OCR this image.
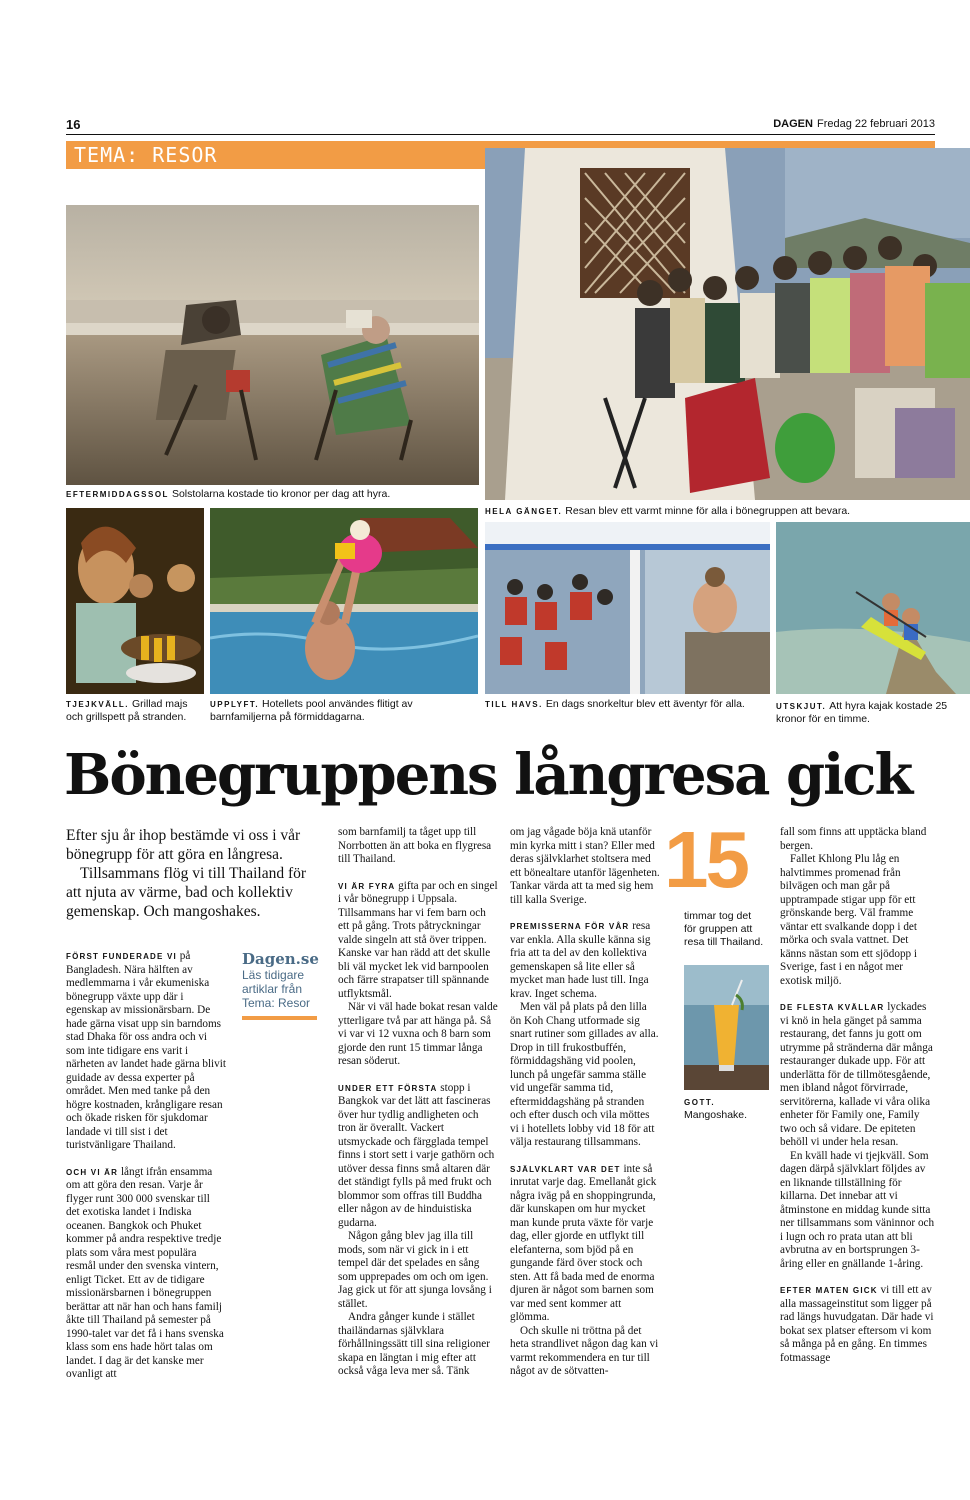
16	DAGEN Fredag 22 februari 2013
TEMA: RESOR
EFTERMIDDAGSSOL Solstolarna kostade tio kronor per dag att hyra.
HELA GÄNGET. Resan blev ett varmt minne för alla i bönegruppen att bevara.
TJEJKVÄLL. Grillad majs och grillspett på stranden.
UPPLYFT. Hotellets pool användes flitigt av barnfamiljerna på förmiddagarna.
TILL HAVS. En dags snorkeltur blev ett äventyr för alla.	UTSKJUT. Att hyra kajak kostade 25 kronor för en timme.
Bönegruppens långresa gick

Efter sju år ihop bestämde vi oss i vår bönegrupp för att göra en långresa.

Tillsammans flög vi till Thailand för att njuta av värme, bad och kollektiv gemenskap. Och mangoshakes.

FÖRST FUNDERADE VI på Bangladesh. Nära hälften av medlemmarna i vår ekumeniska bönegrupp växte upp där i egenskap av missionärsbarn. De hade gärna visat upp sin barndoms stad Dhaka för oss andra och vi som inte tidigare ens varit i närheten av landet hade gärna blivit guidade av dessa experter på området. Men med tanke på den högre kostnaden, krångligare resan och ökade risken för sjukdomar landade vi till sist i det turistvänligare Thailand.

OCH VI ÄR långt ifrån ensamma om att göra den resan. Varje år flyger runt 300 000 svenskar till det exotiska landet i Indiska oceanen. Bangkok och Phuket kommer på andra respektive tredje plats som våra mest populära resmål under den svenska vintern, enligt Ticket. Ett av de tidigare missionärsbarnen i bönegruppen berättar att när han och hans familj åkte till Thailand på semester på 1990-talet var det få i hans svenska klass som ens hade hört talas om landet. I dag är det kanske mer ovanligt att

Dagen.se
Läs tidigare artiklar från Tema: Resor

som barnfamilj ta tåget upp till Norrbotten än att boka en flygresa till Thailand.

VI ÄR FYRA gifta par och en singel i vår bönegrupp i Uppsala. Tillsammans har vi fem barn och ett på gång. Trots påtryckningar valde singeln att stå över trippen. Kanske var han rädd att det skulle bli väl mycket lek vid barnpoolen och färre strapatser till spännande utflyktsmål.

När vi väl hade bokat resan valde ytterligare två par att hänga på. Så vi var vi 12 vuxna och 8 barn som gjorde den runt 15 timmar långa resan söderut.

UNDER ETT FÖRSTA stopp i Bangkok var det lätt att fascineras över hur tydlig andligheten och tron är överallt. Vackert utsmyckade och färgglada tempel finns i stort sett i varje gathörn och utöver dessa finns små altaren där det ständigt fylls på med frukt och blommor som offras till Buddha eller någon av de hinduistiska gudarna.

Någon gång blev jag illa till mods, som när vi gick in i ett tempel där det spelades en sång som upprepades om och om igen. Jag gick ut för att sjunga lovsång i stället.

Andra gånger kunde i stället thailändarnas självklara förhållningssätt till sina religioner skapa en längtan i mig efter att också våga leva mer så. Tänk

om jag vågade böja knä utanför min kyrka mitt i stan? Eller med deras självklarhet stoltsera med ett bönealtare utanför lägenheten. Tankar värda att ta med sig hem till kalla Sverige.

PREMISSERNA FÖR VÅR resa var enkla. Alla skulle känna sig fria att ta del av den kollektiva gemenskapen så lite eller så mycket man hade lust till. Inga krav. Inget schema.

Men väl på plats på den lilla ön Koh Chang utformade sig snart rutiner som gillades av alla. Drop in till frukostbuffén, förmiddagshäng vid poolen, lunch på ungefär samma ställe vid ungefär samma tid, eftermiddagshäng på stranden och efter dusch och vila möttes vi i hotellets lobby vid 18 för att välja restaurang tillsammans.

SJÄLVKLART VAR DET inte så inrutat varje dag. Emellanåt gick några iväg på en shoppingrunda, där kunskapen om hur mycket man kunde pruta växte för varje dag, eller gjorde en utflykt till elefanterna, som bjöd på en gungande färd över stock och sten. Att få bada med de enorma djuren är något som barnen som var med sent kommer att glömma.

Och skulle ni tröttna på det heta strandlivet någon dag kan vi varmt rekommendera en tur till något av de sötvatten-

15
timmar tog det för gruppen att resa till Thailand.
GOTT.
Mangoshake.

fall som finns att upptäcka bland bergen.

Fallet Khlong Plu låg en halvtimmes promenad från bilvägen och man går på upptrampade stigar upp för ett grönskande berg. Väl framme väntar ett svalkande dopp i det mörka och svala vattnet. Det känns nästan som ett sjödopp i Sverige, fast i en något mer exotisk miljö.

DE FLESTA KVÄLLAR lyckades vi knö in hela gänget på samma restaurang, det fanns ju gott om utrymme på stränderna där många restauranger dukade upp. För att underlätta för de tillmötesgående, men ibland något förvirrade, servitörerna, kallade vi våra olika enheter för Family one, Family two och så vidare. De epiteten behöll vi under hela resan.

En kväll hade vi tjejkväll. Som dagen därpå självklart följdes av en liknande tillställning för killarna. Det innebar att vi åtminstone en middag kunde sitta ner tillsammans som väninnor och i lugn och ro prata utan att bli avbrutna av en bortsprungen 3-åring eller en gnällande 1-åring.

EFTER MATEN GICK vi till ett av alla massageinstitut som ligger på rad längs huvudgatan. Där hade vi bokat sex platser eftersom vi kom så många på en gång. En timmes fotmassage
